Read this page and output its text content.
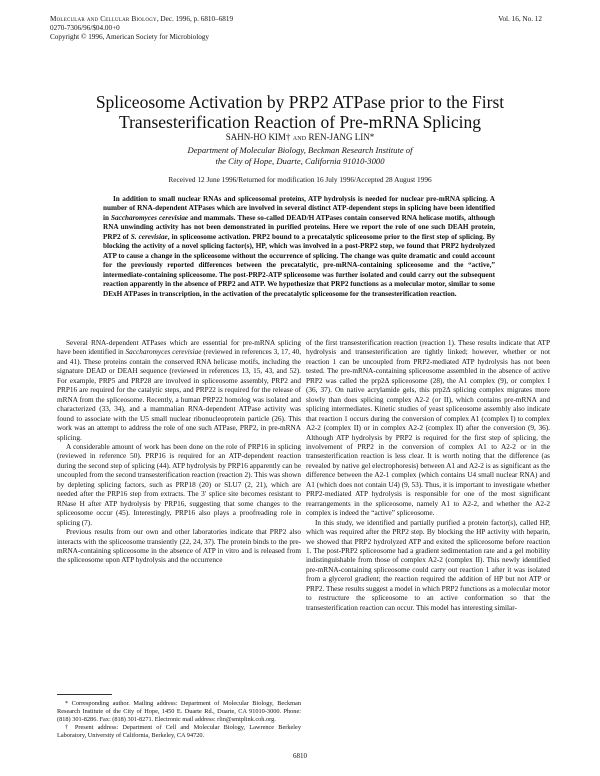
Molecular and Cellular Biology, Dec. 1996, p. 6810–6819
0270-7306/96/$04.00+0
Copyright © 1996, American Society for Microbiology
Vol. 16, No. 12
Spliceosome Activation by PRP2 ATPase prior to the First
Transesterification Reaction of Pre-mRNA Splicing
SAHN-HO KIM† and REN-JANG LIN*
Department of Molecular Biology, Beckman Research Institute of
the City of Hope, Duarte, California 91010-3000
Received 12 June 1996/Returned for modification 16 July 1996/Accepted 28 August 1996

In addition to small nuclear RNAs and spliceosomal proteins, ATP hydrolysis is needed for nuclear pre-mRNA splicing. A number of RNA-dependent ATPases which are involved in several distinct ATP-dependent steps in splicing have been identified in Saccharomyces cerevisiae and mammals. These so-called DEAD/H ATPases contain conserved RNA helicase motifs, although RNA unwinding activity has not been demonstrated in purified proteins. Here we report the role of one such DEAH protein, PRP2 of S. cerevisiae, in spliceosome activation. PRP2 bound to a precatalytic spliceosome prior to the first step of splicing. By blocking the activity of a novel splicing factor(s), HP, which was involved in a post-PRP2 step, we found that PRP2 hydrolyzed ATP to cause a change in the spliceosome without the occurrence of splicing. The change was quite dramatic and could account for the previously reported differences between the precatalytic, pre-mRNA-containing spliceosome and the “active,” intermediate-containing spliceosome. The post-PRP2-ATP spliceosome was further isolated and could carry out the subsequent reaction apparently in the absence of PRP2 and ATP. We hypothesize that PRP2 functions as a molecular motor, similar to some DExH ATPases in transcription, in the activation of the precatalytic spliceosome for the transesterification reaction.

Several RNA-dependent ATPases which are essential for pre-mRNA splicing have been identified in Saccharomyces cerevisiae (reviewed in references 3, 17, 40, and 41). These proteins contain the conserved RNA helicase motifs, including the signature DEAD or DEAH sequence (reviewed in references 13, 15, 43, and 52). For example, PRP5 and PRP28 are involved in spliceosome assembly, PRP2 and PRP16 are required for the catalytic steps, and PRP22 is required for the release of mRNA from the spliceosome. Recently, a human PRP22 homolog was isolated and characterized (33, 34), and a mammalian RNA-dependent ATPase activity was found to associate with the U5 small nuclear ribonucleoprotein particle (26). This work was an attempt to address the role of one such ATPase, PRP2, in pre-mRNA splicing.

A considerable amount of work has been done on the role of PRP16 in splicing (reviewed in reference 50). PRP16 is required for an ATP-dependent reaction during the second step of splicing (44). ATP hydrolysis by PRP16 apparently can be uncoupled from the second transesterification reaction (reaction 2). This was shown by depleting splicing factors, such as PRP18 (20) or SLU7 (2, 21), which are needed after the PRP16 step from extracts. The 3′ splice site becomes resistant to RNase H after ATP hydrolysis by PRP16, suggesting that some changes to the spliceosome occur (45). Interestingly, PRP16 also plays a proofreading role in splicing (7).

Previous results from our own and other laboratories indicate that PRP2 also interacts with the spliceosome transiently (22, 24, 37). The protein binds to the pre-mRNA-containing spliceosome in the absence of ATP in vitro and is released from the spliceosome upon ATP hydrolysis and the occurrence

of the first transesterification reaction (reaction 1). These results indicate that ATP hydrolysis and transesterification are tightly linked; however, whether or not reaction 1 can be uncoupled from PRP2-mediated ATP hydrolysis has not been tested. The pre-mRNA-containing spliceosome assembled in the absence of active PRP2 was called the prp2Δ spliceosome (28), the A1 complex (9), or complex I (36, 37). On native acrylamide gels, this prp2Δ splicing complex migrates more slowly than does splicing complex A2-2 (or II), which contains pre-mRNA and splicing intermediates. Kinetic studies of yeast spliceosome assembly also indicate that reaction 1 occurs during the conversion of complex A1 (complex I) to complex A2-2 (complex II) or in complex A2-2 (complex II) after the conversion (9, 36). Although ATP hydrolysis by PRP2 is required for the first step of splicing, the involvement of PRP2 in the conversion of complex A1 to A2-2 or in the transesterification reaction is less clear. It is worth noting that the difference (as revealed by native gel electrophoresis) between A1 and A2-2 is as significant as the difference between the A2-1 complex (which contains U4 small nuclear RNA) and A1 (which does not contain U4) (9, 53). Thus, it is important to investigate whether PRP2-mediated ATP hydrolysis is responsible for one of the most significant rearrangements in the spliceosome, namely A1 to A2-2, and whether the A2-2 complex is indeed the “active” spliceosome.

In this study, we identified and partially purified a protein factor(s), called HP, which was required after the PRP2 step. By blocking the HP activity with heparin, we showed that PRP2 hydrolyzed ATP and exited the spliceosome before reaction 1. The post-PRP2 spliceosome had a gradient sedimentation rate and a gel mobility indistinguishable from those of complex A2-2 (complex II). This newly identified pre-mRNA-containing spliceosome could carry out reaction 1 after it was isolated from a glycerol gradient; the reaction required the addition of HP but not ATP or PRP2. These results suggest a model in which PRP2 functions as a molecular motor to restructure the spliceosome to an active conformation so that the transesterification reaction can occur. This model has interesting similar-

* Corresponding author. Mailing address: Department of Molecular Biology, Beckman Research Institute of the City of Hope, 1450 E. Duarte Rd., Duarte, CA 91010-3000. Phone: (818) 301-8286. Fax: (818) 301-8271. Electronic mail address: rlin@smtplink.coh.org.

† Present address: Department of Cell and Molecular Biology, Lawrence Berkeley Laboratory, University of California, Berkeley, CA 94720.

6810
